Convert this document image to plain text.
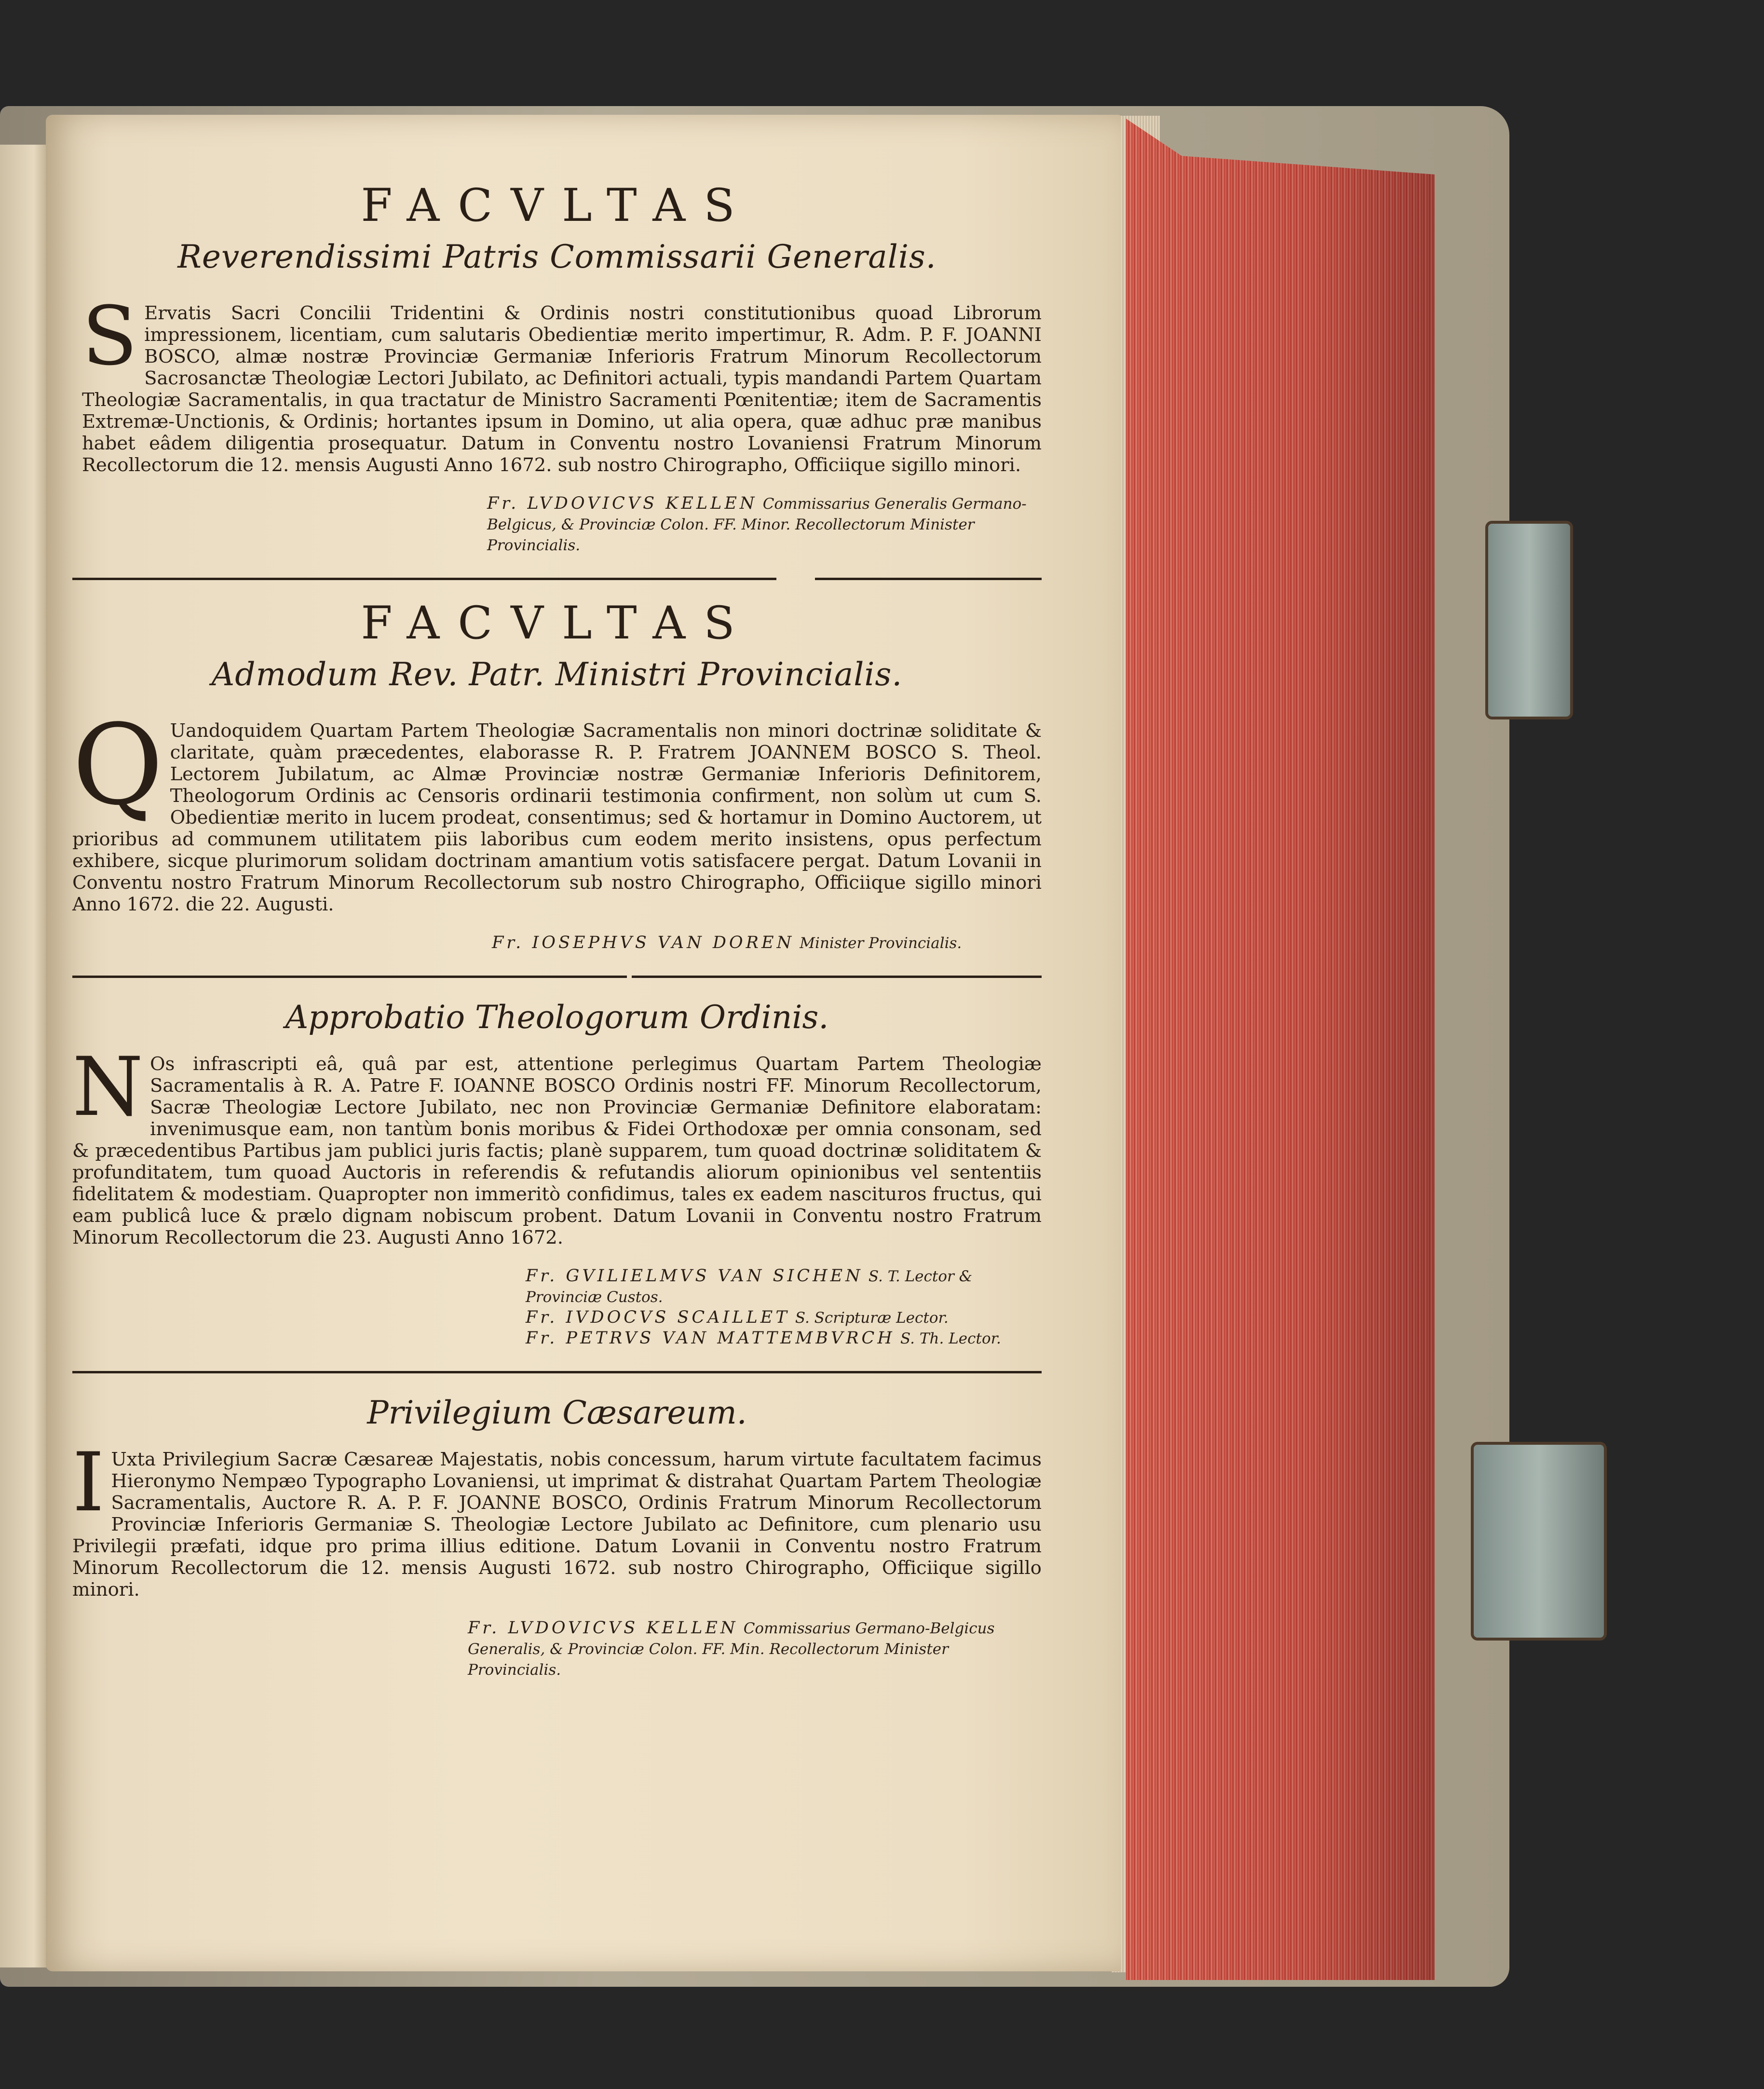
FACVLTAS
Reverendissimi Patris Commissarii Generalis.

S Ervatis Sacri Concilii Tridentini & Ordinis nostri constitutionibus quoad Librorum impressionem, licentiam, cum salutaris Obedientiæ merito impertimur, R. Adm. P. F. JOANNI BOSCO, almæ nostræ Provinciæ Germaniæ Inferioris Fratrum Minorum Recollectorum Sacrosanctæ Theologiæ Lectori Jubilato, ac Definitori actuali, typis mandandi Partem Quartam Theologiæ Sacramentalis, in qua tractatur de Ministro Sacramenti Pœnitentiæ; item de Sacramentis Extremæ-Unctionis, & Ordinis; hortantes ipsum in Domino, ut alia opera, quæ adhuc præ manibus habet eâdem diligentia prosequatur. Datum in Conventu nostro Lovaniensi Fratrum Minorum Recollectorum die 12. mensis Augusti Anno 1672. sub nostro Chirographo, Officiique sigillo minori.

Fr. LVDOVICVS KELLEN Commissarius Generalis Germano-Belgicus, & Provinciæ Colon. FF. Minor. Recollectorum Minister Provincialis.
FACVLTAS
Admodum Rev. Patr. Ministri Provincialis.

Q Uandoquidem Quartam Partem Theologiæ Sacramentalis non minori doctrinæ soliditate & claritate, quàm præcedentes, elaborasse R. P. Fratrem JOANNEM BOSCO S. Theol. Lectorem Jubilatum, ac Almæ Provinciæ nostræ Germaniæ Inferioris Definitorem, Theologorum Ordinis ac Censoris ordinarii testimonia confirment, non solùm ut cum S. Obedientiæ merito in lucem prodeat, consentimus; sed & hortamur in Domino Auctorem, ut prioribus ad communem utilitatem piis laboribus cum eodem merito insistens, opus perfectum exhibere, sicque plurimorum solidam doctrinam amantium votis satisfacere pergat. Datum Lovanii in Conventu nostro Fratrum Minorum Recollectorum sub nostro Chirographo, Officiique sigillo minori Anno 1672. die 22. Augusti.

Fr. IOSEPHVS VAN DOREN Minister Provincialis.
Approbatio Theologorum Ordinis.

N Os infrascripti eâ, quâ par est, attentione perlegimus Quartam Partem Theologiæ Sacramentalis à R. A. Patre F. IOANNE BOSCO Ordinis nostri FF. Minorum Recollectorum, Sacræ Theologiæ Lectore Jubilato, nec non Provinciæ Germaniæ Definitore elaboratam: invenimusque eam, non tantùm bonis moribus & Fidei Orthodoxæ per omnia consonam, sed & præcedentibus Partibus jam publici juris factis; planè supparem, tum quoad doctrinæ soliditatem & profunditatem, tum quoad Auctoris in referendis & refutandis aliorum opinionibus vel sententiis fidelitatem & modestiam. Quapropter non immeritò confidimus, tales ex eadem nascituros fructus, qui eam publicâ luce & prælo dignam nobiscum probent. Datum Lovanii in Conventu nostro Fratrum Minorum Recollectorum die 23. Augusti Anno 1672.

Fr. GVILIELMVS VAN SICHEN S. T. Lector & Provinciæ Custos.
Fr. IVDOCVS SCAILLET S. Scripturæ Lector.
Fr. PETRVS VAN MATTEMBVRCH S. Th. Lector.
Privilegium Cæsareum.

I Uxta Privilegium Sacræ Cæsareæ Majestatis, nobis concessum, harum virtute facultatem facimus Hieronymo Nempæo Typographo Lovaniensi, ut imprimat & distrahat Quartam Partem Theologiæ Sacramentalis, Auctore R. A. P. F. JOANNE BOSCO, Ordinis Fratrum Minorum Recollectorum Provinciæ Inferioris Germaniæ S. Theologiæ Lectore Jubilato ac Definitore, cum plenario usu Privilegii præfati, idque pro prima illius editione. Datum Lovanii in Conventu nostro Fratrum Minorum Recollectorum die 12. mensis Augusti 1672. sub nostro Chirographo, Officiique sigillo minori.

Fr. LVDOVICVS KELLEN Commissarius Germano-Belgicus Generalis, & Provinciæ Colon. FF. Min. Recollectorum Minister Provincialis.
